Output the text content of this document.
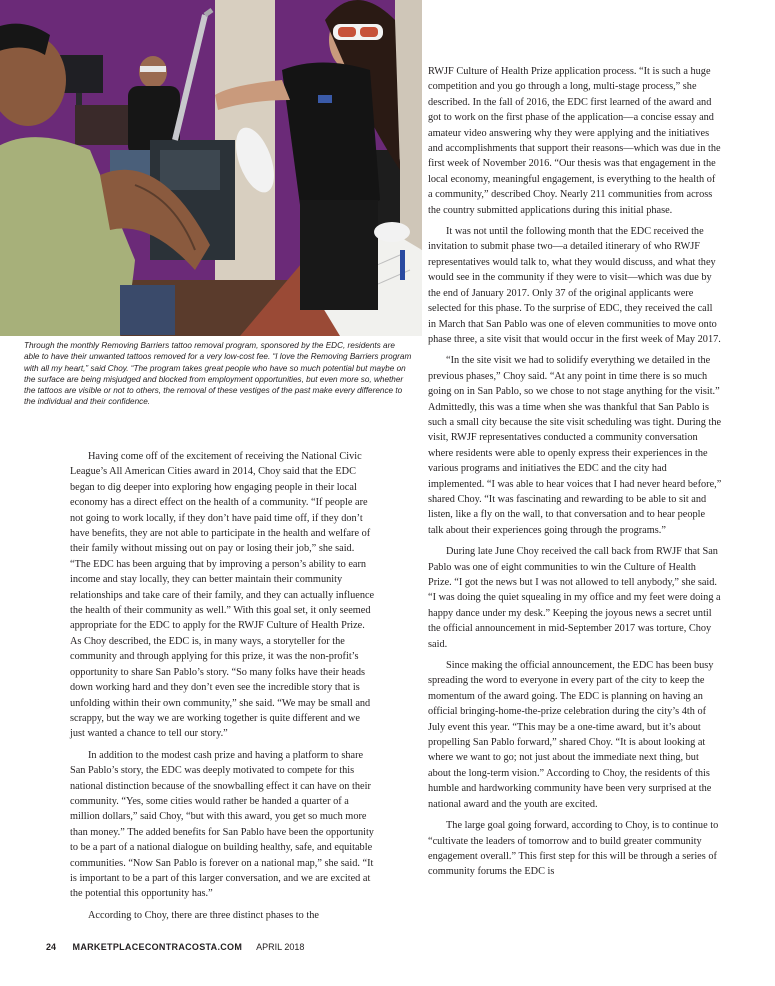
Through the monthly Removing Barriers tattoo removal program, sponsored by the EDC, residents are able to have their unwanted tattoos removed for a very low-cost fee. “I love the Removing Barriers program with all my heart,” said Choy. “The program takes great people who have so much potential but maybe on the surface are being misjudged and blocked from employment opportunities, but even more so, whether the tattoos are visible or not to others, the removal of these vestiges of the past make every difference to the individual and their confidence.

Having come off of the excitement of receiving the National Civic League’s All American Cities award in 2014, Choy said that the EDC began to dig deeper into exploring how engaging people in their local economy has a direct effect on the health of a community. “If people are not going to work locally, if they don’t have paid time off, if they don’t have benefits, they are not able to participate in the health and welfare of their family without missing out on pay or losing their job,” she said. “The EDC has been arguing that by improving a person’s ability to earn income and stay locally, they can better maintain their community relationships and take care of their family, and they can actually influence the health of their community as well.” With this goal set, it only seemed appropriate for the EDC to apply for the RWJF Culture of Health Prize. As Choy described, the EDC is, in many ways, a storyteller for the community and through applying for this prize, it was the non-profit’s opportunity to share San Pablo’s story. “So many folks have their heads down working hard and they don’t even see the incredible story that is unfolding within their own community,” she said. “We may be small and scrappy, but the way we are working together is quite different and we just wanted a chance to tell our story.”

In addition to the modest cash prize and having a platform to share San Pablo’s story, the EDC was deeply motivated to compete for this national distinction because of the snowballing effect it can have on their community. “Yes, some cities would rather be handed a quarter of a million dollars,” said Choy, “but with this award, you get so much more than money.” The added benefits for San Pablo have been the opportunity to be a part of a national dialogue on building healthy, safe, and equitable communities. “Now San Pablo is forever on a national map,” she said. “It is important to be a part of this larger conversation, and we are excited at the potential this opportunity has.”

According to Choy, there are three distinct phases to the

RWJF Culture of Health Prize application process. “It is such a huge competition and you go through a long, multi-stage process,” she described. In the fall of 2016, the EDC first learned of the award and got to work on the first phase of the application—a concise essay and amateur video answering why they were applying and the initiatives and accomplishments that support their reasons—which was due in the first week of November 2016. “Our thesis was that engagement in the local economy, meaningful engagement, is everything to the health of a community,” described Choy. Nearly 211 communities from across the country submitted applications during this initial phase.

It was not until the following month that the EDC received the invitation to submit phase two—a detailed itinerary of who RWJF representatives would talk to, what they would discuss, and what they would see in the community if they were to visit—which was due by the end of January 2017. Only 37 of the original applicants were selected for this phase. To the surprise of EDC, they received the call in March that San Pablo was one of eleven communities to move onto phase three, a site visit that would occur in the first week of May 2017.

“In the site visit we had to solidify everything we detailed in the previous phases,” Choy said. “At any point in time there is so much going on in San Pablo, so we chose to not stage anything for the visit.” Admittedly, this was a time when she was thankful that San Pablo is such a small city because the site visit scheduling was tight. During the visit, RWJF representatives conducted a community conversation where residents were able to openly express their experiences in the various programs and initiatives the EDC and the city had implemented. “I was able to hear voices that I had never heard before,” shared Choy. “It was fascinating and rewarding to be able to sit and listen, like a fly on the wall, to that conversation and to hear people talk about their experiences going through the programs.”

During late June Choy received the call back from RWJF that San Pablo was one of eight communities to win the Culture of Health Prize. “I got the news but I was not allowed to tell anybody,” she said. “I was doing the quiet squealing in my office and my feet were doing a happy dance under my desk.” Keeping the joyous news a secret until the official announcement in mid-September 2017 was torture, Choy said.

Since making the official announcement, the EDC has been busy spreading the word to everyone in every part of the city to keep the momentum of the award going. The EDC is planning on having an official bringing-home-the-prize celebration during the city’s 4th of July event this year. “This may be a one-time award, but it’s about propelling San Pablo forward,” shared Choy. “It is about looking at where we want to go; not just about the immediate next thing, but about the long-term vision.” According to Choy, the residents of this humble and hardworking community have been very surprised at the national award and the youth are excited.

The large goal going forward, according to Choy, is to continue to “cultivate the leaders of tomorrow and to build greater community engagement overall.” This first step for this will be through a series of community forums the EDC is

24 MARKETPLACECONTRACOSTA.COM APRIL 2018
